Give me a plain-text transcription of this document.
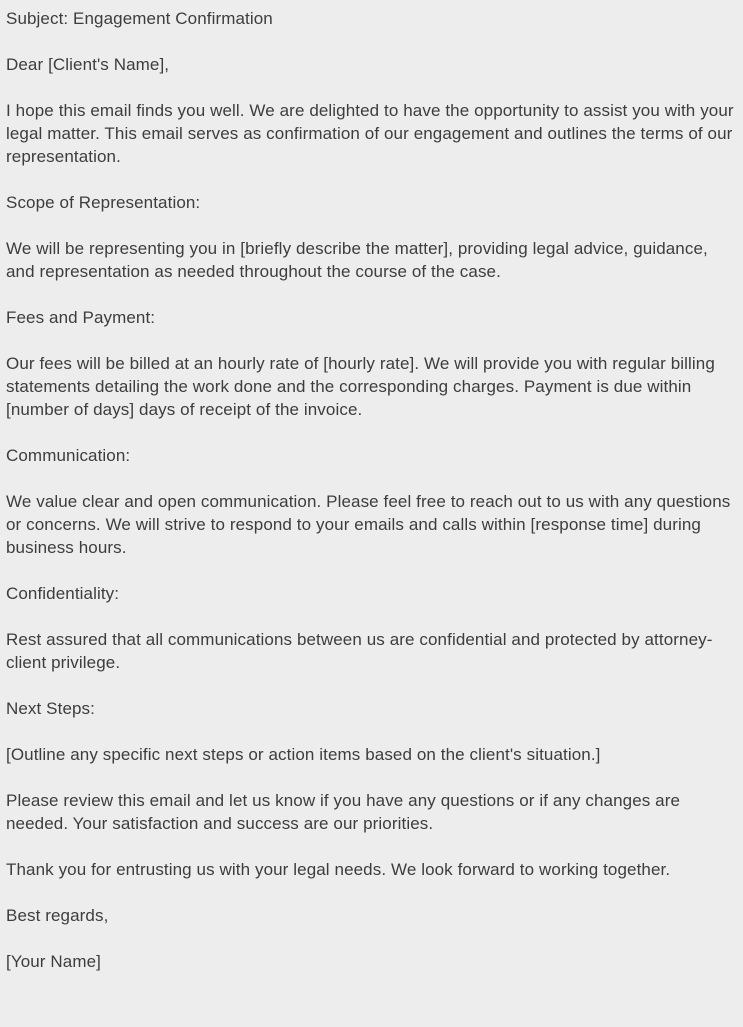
Subject: Engagement Confirmation

Dear [Client's Name],

I hope this email finds you well. We are delighted to have the opportunity to assist you with your legal matter. This email serves as confirmation of our engagement and outlines the terms of our representation.

Scope of Representation:

We will be representing you in [briefly describe the matter], providing legal advice, guidance, and representation as needed throughout the course of the case.

Fees and Payment:

Our fees will be billed at an hourly rate of [hourly rate]. We will provide you with regular billing statements detailing the work done and the corresponding charges. Payment is due within [number of days] days of receipt of the invoice.

Communication:

We value clear and open communication. Please feel free to reach out to us with any questions or concerns. We will strive to respond to your emails and calls within [response time] during business hours.

Confidentiality:

Rest assured that all communications between us are confidential and protected by attorney-client privilege.

Next Steps:

[Outline any specific next steps or action items based on the client's situation.]

Please review this email and let us know if you have any questions or if any changes are needed. Your satisfaction and success are our priorities.

Thank you for entrusting us with your legal needs. We look forward to working together.

Best regards,

[Your Name]
